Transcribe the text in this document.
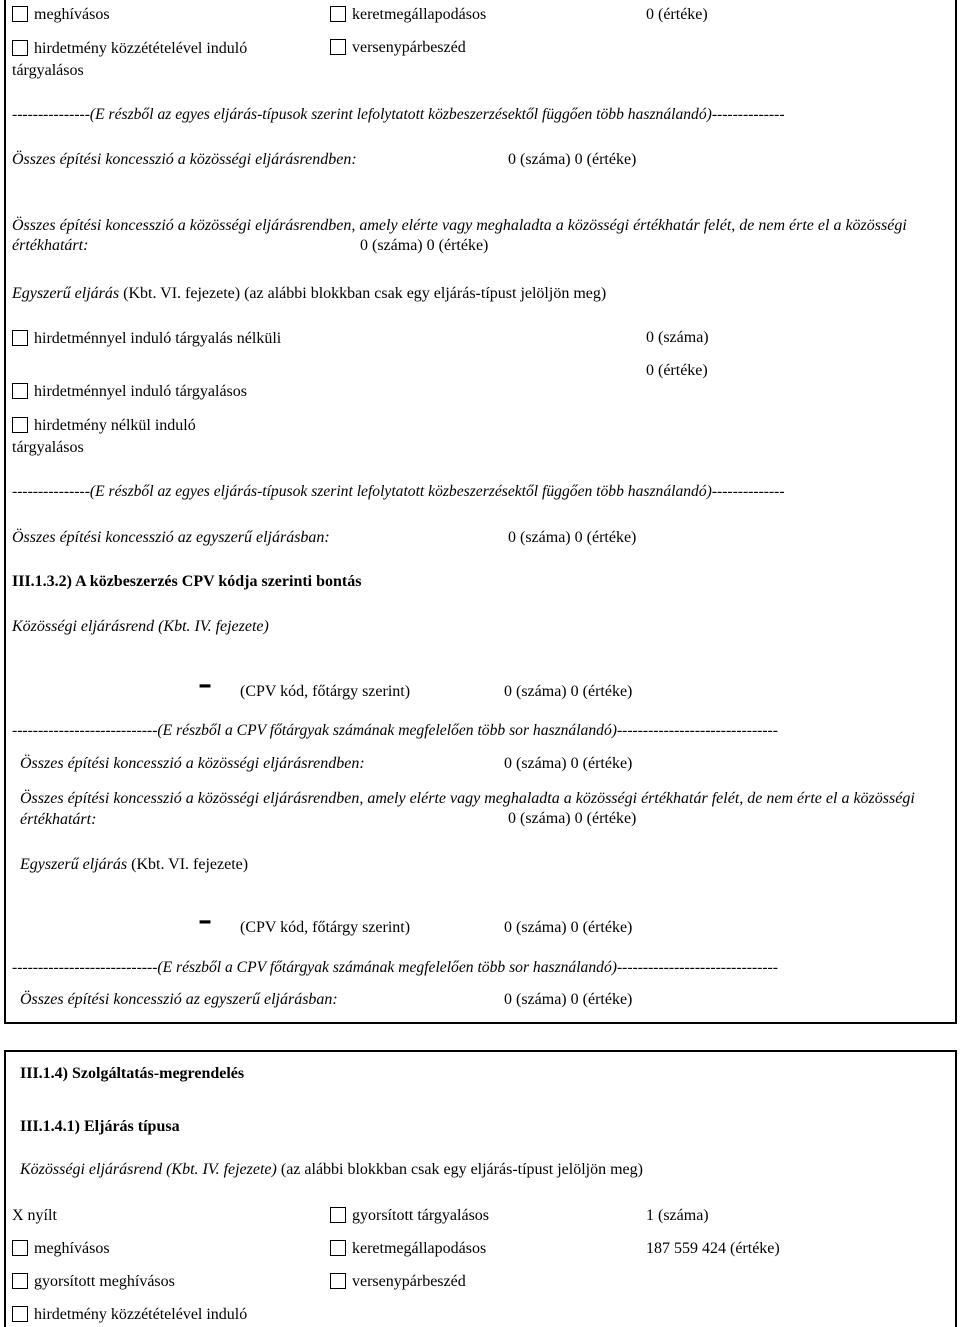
meghívásos	keretmegállapodásos	0 (értéke)
hirdetmény közzétételével induló tárgyalásos
versenypárbeszéd
---------------(E részből az egyes eljárás-típusok szerint lefolytatott közbeszerzésektől függően több használandó)--------------
Összes építési koncesszió a közösségi eljárásrendben:	0 (száma) 0 (értéke)
Összes építési koncesszió a közösségi eljárásrendben, amely elérte vagy meghaladta a közösségi értékhatár felét, de nem érte el a közösségi értékhatárt:	0 (száma) 0 (értéke)
Egyszerű eljárás (Kbt. VI. fejezete) (az alábbi blokkban csak egy eljárás-típust jelöljön meg)
hirdetménnyel induló tárgyalás nélküli
hirdetménnyel induló tárgyalásos
hirdetmény nélkül induló tárgyalásos
0 (száma)
0 (értéke)
---------------(E részből az egyes eljárás-típusok szerint lefolytatott közbeszerzésektől függően több használandó)--------------
Összes építési koncesszió az egyszerű eljárásban:	0 (száma) 0 (értéke)
III.1.3.2) A közbeszerzés CPV kódja szerinti bontás
Közösségi eljárásrend (Kbt. IV. fejezete)
- (CPV kód, főtárgy szerint)	0 (száma) 0 (értéke)
----------------------------(E részből a CPV főtárgyak számának megfelelően több sor használandó)-------------------------------
Összes építési koncesszió a közösségi eljárásrendben:	0 (száma) 0 (értéke)
Összes építési koncesszió a közösségi eljárásrendben, amely elérte vagy meghaladta a közösségi értékhatár felét, de nem érte el a közösségi értékhatárt:	0 (száma) 0 (értéke)
Egyszerű eljárás (Kbt. VI. fejezete)
- (CPV kód, főtárgy szerint)	0 (száma) 0 (értéke)
----------------------------(E részből a CPV főtárgyak számának megfelelően több sor használandó)-------------------------------
Összes építési koncesszió az egyszerű eljárásban:	0 (száma) 0 (értéke)
III.1.4) Szolgáltatás-megrendelés
III.1.4.1) Eljárás típusa
Közösségi eljárásrend (Kbt. IV. fejezete) (az alábbi blokkban csak egy eljárás-típust jelöljön meg)
X nyílt	gyorsított tárgyalásos	1 (száma)
meghívásos	keretmegállapodásos	187 559 424 (értéke)
gyorsított meghívásos	versenypárbeszéd
hirdetmény közzétételével induló
